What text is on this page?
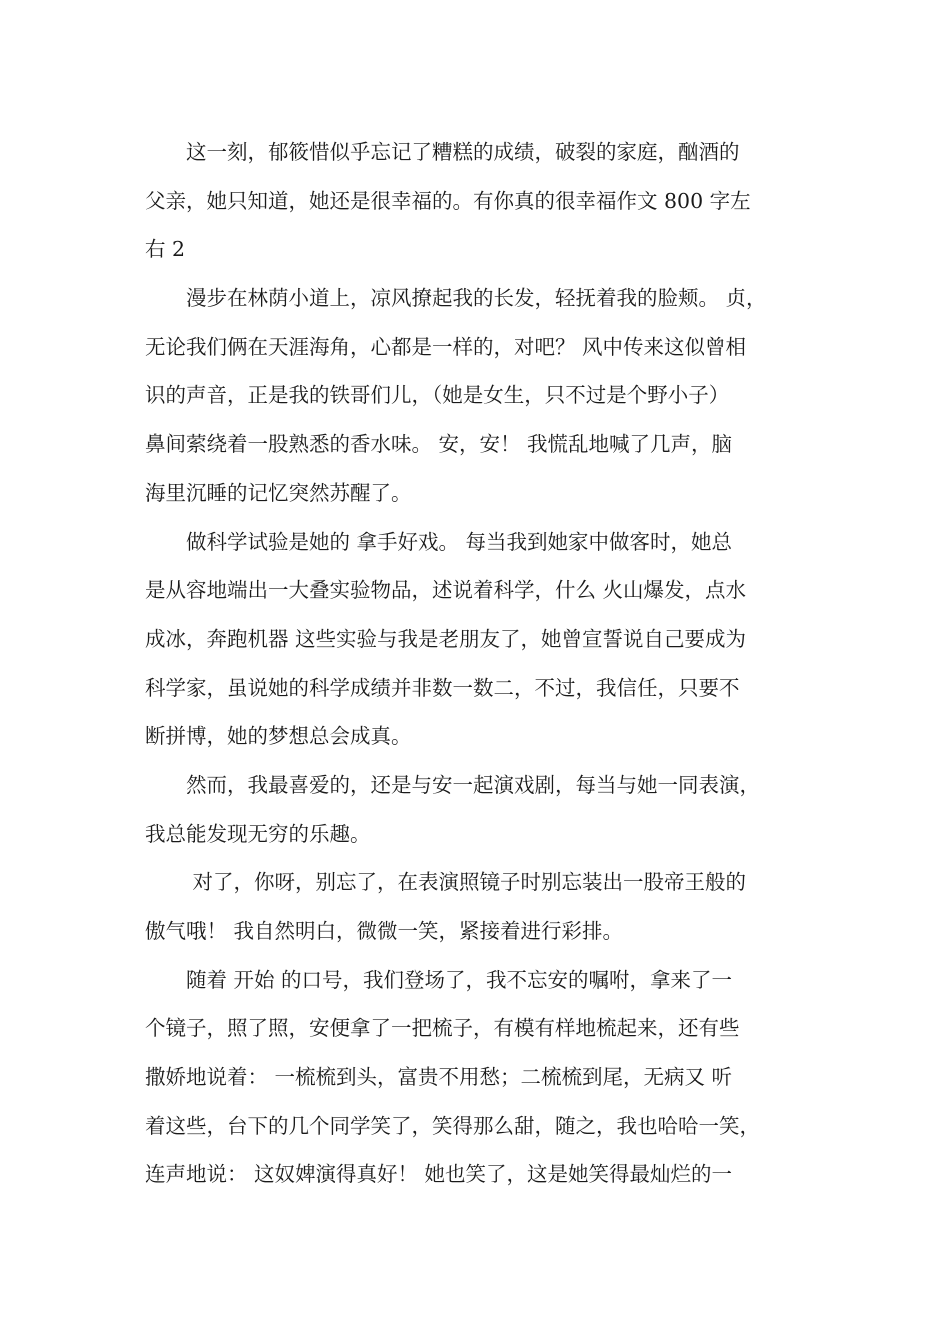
　　这一刻，郁筱惜似乎忘记了糟糕的成绩，破裂的家庭，酗酒的
父亲，她只知道，她还是很幸福的。有你真的很幸福作文 800 字左
右 2
　　漫步在林荫小道上，凉风撩起我的长发，轻抚着我的脸颊。 贞，
无论我们俩在天涯海角，心都是一样的，对吧？ 风中传来这似曾相
识的声音，正是我的铁哥们儿，（她是女生，只不过是个野小子）
鼻间萦绕着一股熟悉的香水味。 安，安！ 我慌乱地喊了几声，脑
海里沉睡的记忆突然苏醒了。
　　做科学试验是她的 拿手好戏。 每当我到她家中做客时，她总
是从容地端出一大叠实验物品，述说着科学，什么 火山爆发，点水
成冰，奔跑机器 这些实验与我是老朋友了，她曾宣誓说自己要成为
科学家，虽说她的科学成绩并非数一数二，不过，我信任，只要不
断拼博，她的梦想总会成真。
　　然而，我最喜爱的，还是与安一起演戏剧，每当与她一同表演，
我总能发现无穷的乐趣。
　　 对了，你呀，别忘了，在表演照镜子时别忘装出一股帝王般的
傲气哦！ 我自然明白，微微一笑，紧接着进行彩排。
　　随着 开始 的口号，我们登场了，我不忘安的嘱咐，拿来了一
个镜子，照了照，安便拿了一把梳子，有模有样地梳起来，还有些
撒娇地说着： 一梳梳到头，富贵不用愁；二梳梳到尾，无病又 听
着这些，台下的几个同学笑了，笑得那么甜，随之，我也哈哈一笑，
连声地说： 这奴婢演得真好！ 她也笑了，这是她笑得最灿烂的一
